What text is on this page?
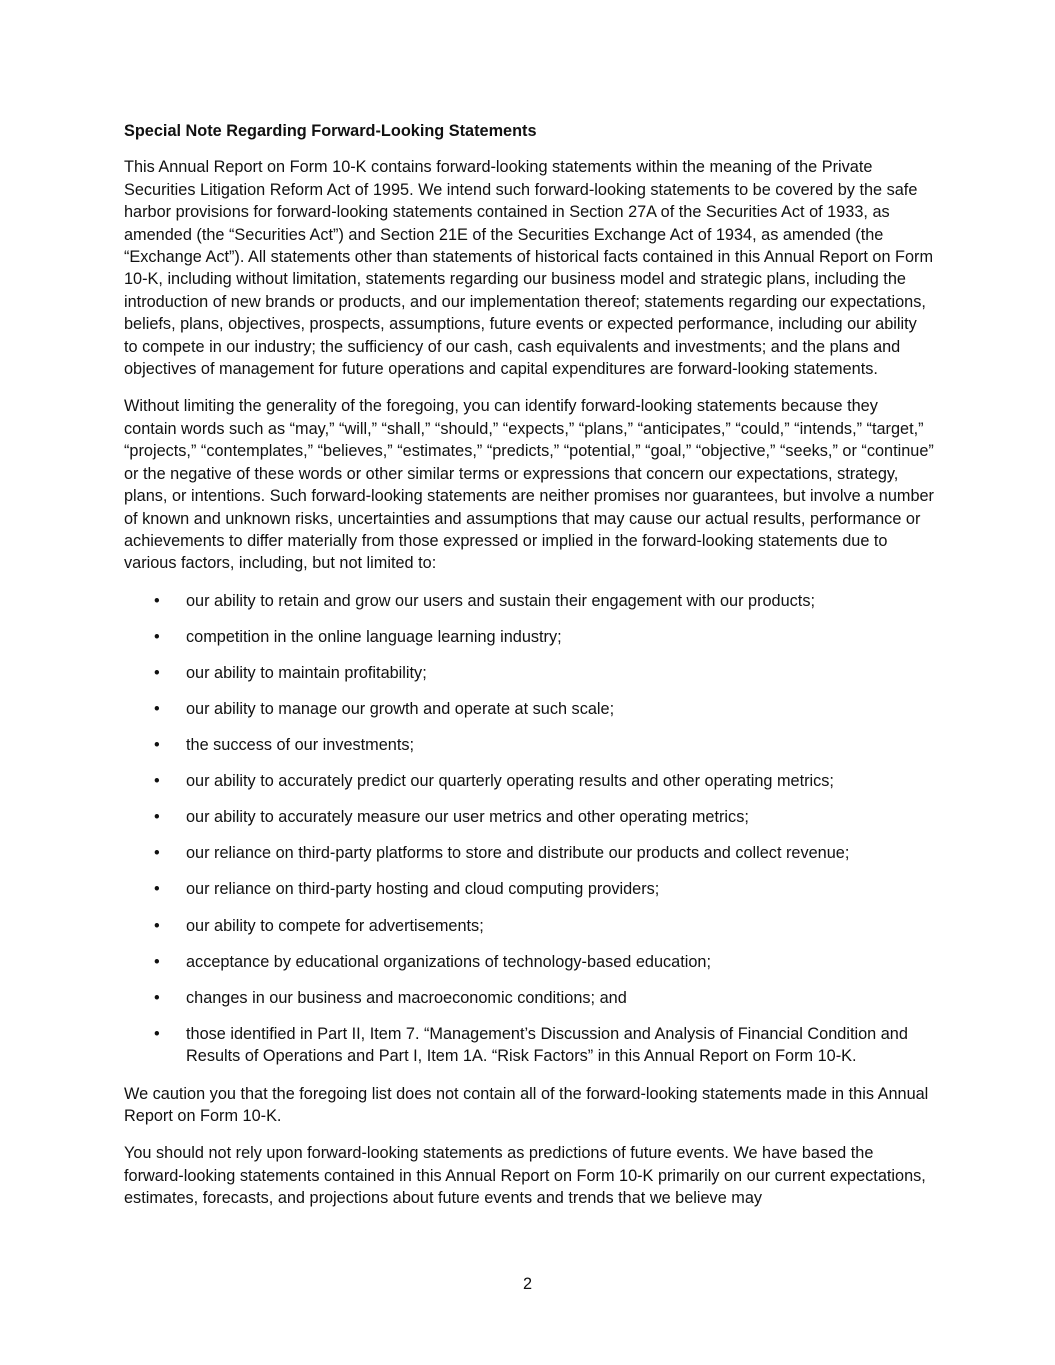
Special Note Regarding Forward-Looking Statements

This Annual Report on Form 10-K contains forward-looking statements within the meaning of the Private Securities Litigation Reform Act of 1995. We intend such forward-looking statements to be covered by the safe harbor provisions for forward-looking statements contained in Section 27A of the Securities Act of 1933, as amended (the “Securities Act”) and Section 21E of the Securities Exchange Act of 1934, as amended (the “Exchange Act”). All statements other than statements of historical facts contained in this Annual Report on Form 10-K, including without limitation, statements regarding our business model and strategic plans, including the introduction of new brands or products, and our implementation thereof; statements regarding our expectations, beliefs, plans, objectives, prospects, assumptions, future events or expected performance, including our ability to compete in our industry; the sufficiency of our cash, cash equivalents and investments; and the plans and objectives of management for future operations and capital expenditures are forward-looking statements.

Without limiting the generality of the foregoing, you can identify forward-looking statements because they contain words such as “may,” “will,” “shall,” “should,” “expects,” “plans,” “anticipates,” “could,” “intends,” “target,” “projects,” “contemplates,” “believes,” “estimates,” “predicts,” “potential,” “goal,” “objective,” “seeks,” or “continue” or the negative of these words or other similar terms or expressions that concern our expectations, strategy, plans, or intentions. Such forward-looking statements are neither promises nor guarantees, but involve a number of known and unknown risks, uncertainties and assumptions that may cause our actual results, performance or achievements to differ materially from those expressed or implied in the forward-looking statements due to various factors, including, but not limited to:

• our ability to retain and grow our users and sustain their engagement with our products;
• competition in the online language learning industry;
• our ability to maintain profitability;
• our ability to manage our growth and operate at such scale;
• the success of our investments;
• our ability to accurately predict our quarterly operating results and other operating metrics;
• our ability to accurately measure our user metrics and other operating metrics;
• our reliance on third-party platforms to store and distribute our products and collect revenue;
• our reliance on third-party hosting and cloud computing providers;
• our ability to compete for advertisements;
• acceptance by educational organizations of technology-based education;
• changes in our business and macroeconomic conditions; and
• those identified in Part II, Item 7. “Management’s Discussion and Analysis of Financial Condition and Results of Operations and Part I, Item 1A. “Risk Factors” in this Annual Report on Form 10-K.

We caution you that the foregoing list does not contain all of the forward-looking statements made in this Annual Report on Form 10-K.

You should not rely upon forward-looking statements as predictions of future events. We have based the forward-looking statements contained in this Annual Report on Form 10-K primarily on our current expectations, estimates, forecasts, and projections about future events and trends that we believe may

2
